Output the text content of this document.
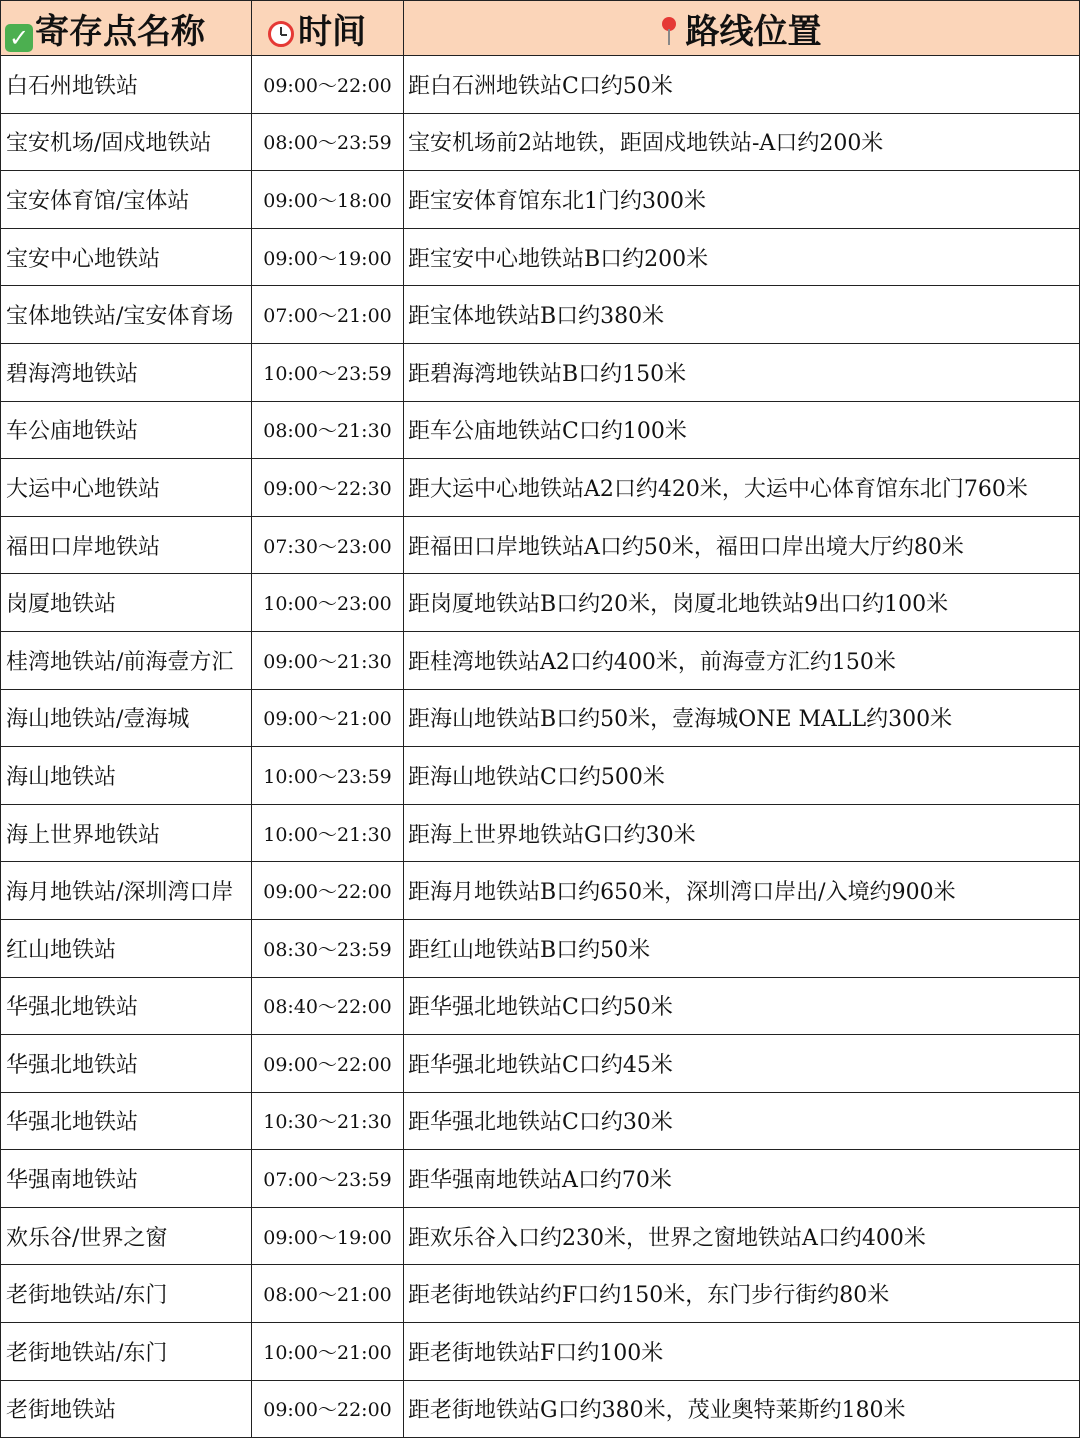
✓ 寄存点名称	时间	路线位置
白石州地铁站	09:00～22:00	距白石洲地铁站C口约50米
宝安机场/固戍地铁站	08:00～23:59	宝安机场前2站地铁，距固戍地铁站-A口约200米
宝安体育馆/宝体站	09:00～18:00	距宝安体育馆东北1门约300米
宝安中心地铁站	09:00～19:00	距宝安中心地铁站B口约200米
宝体地铁站/宝安体育场	07:00～21:00	距宝体地铁站B口约380米
碧海湾地铁站	10:00～23:59	距碧海湾地铁站B口约150米
车公庙地铁站	08:00～21:30	距车公庙地铁站C口约100米
大运中心地铁站	09:00～22:30	距大运中心地铁站A2口约420米，大运中心体育馆东北门760米
福田口岸地铁站	07:30～23:00	距福田口岸地铁站A口约50米，福田口岸出境大厅约80米
岗厦地铁站	10:00～23:00	距岗厦地铁站B口约20米，岗厦北地铁站9出口约100米
桂湾地铁站/前海壹方汇	09:00～21:30	距桂湾地铁站A2口约400米，前海壹方汇约150米
海山地铁站/壹海城	09:00～21:00	距海山地铁站B口约50米，壹海城ONE MALL约300米
海山地铁站	10:00～23:59	距海山地铁站C口约500米
海上世界地铁站	10:00～21:30	距海上世界地铁站G口约30米
海月地铁站/深圳湾口岸	09:00～22:00	距海月地铁站B口约650米，深圳湾口岸出/入境约900米
红山地铁站	08:30～23:59	距红山地铁站B口约50米
华强北地铁站	08:40～22:00	距华强北地铁站C口约50米
华强北地铁站	09:00～22:00	距华强北地铁站C口约45米
华强北地铁站	10:30～21:30	距华强北地铁站C口约30米
华强南地铁站	07:00～23:59	距华强南地铁站A口约70米
欢乐谷/世界之窗	09:00～19:00	距欢乐谷入口约230米，世界之窗地铁站A口约400米
老街地铁站/东门	08:00～21:00	距老街地铁站约F口约150米，东门步行街约80米
老街地铁站/东门	10:00～21:00	距老街地铁站F口约100米
老街地铁站	09:00～22:00	距老街地铁站G口约380米，茂业奥特莱斯约180米
